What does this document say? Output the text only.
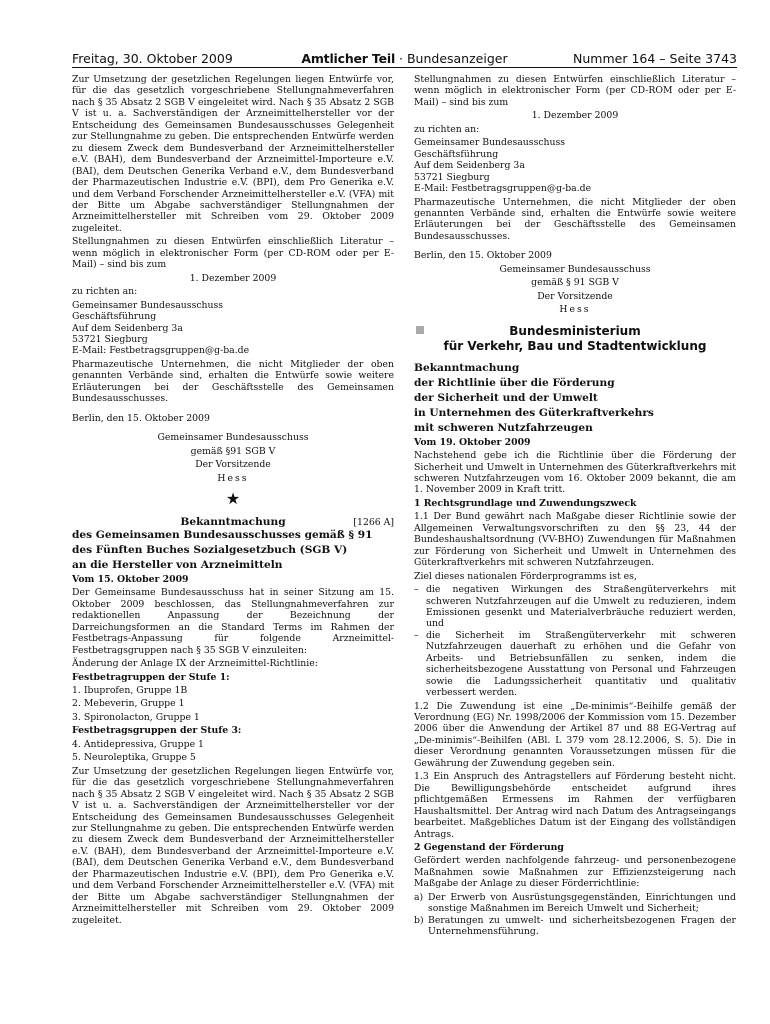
Freitag, 30. Oktober 2009	Amtlicher Teil · Bundesanzeiger	Nummer 164 – Seite 3743

Zur Umsetzung der gesetzlichen Regelungen liegen Entwürfe vor, für die das gesetzlich vorgeschriebene Stellungnahmeverfahren nach § 35 Absatz 2 SGB V eingeleitet wird. Nach § 35 Absatz 2 SGB V ist u. a. Sachverständigen der Arzneimittelhersteller vor der Entscheidung des Gemeinsamen Bundesausschusses Gelegenheit zur Stellungnahme zu geben. Die entsprechenden Entwürfe werden zu diesem Zweck dem Bundesverband der Arzneimittelhersteller e.V. (BAH), dem Bundesverband der Arzneimittel-Importeure e.V. (BAI), dem Deutschen Generika Verband e.V., dem Bundesverband der Pharmazeutischen Industrie e.V. (BPI), dem Pro Generika e.V. und dem Verband Forschender Arzneimittelhersteller e.V. (VFA) mit der Bitte um Abgabe sachverständiger Stellungnahmen der Arzneimittelhersteller mit Schreiben vom 29. Oktober 2009 zugeleitet.

Stellungnahmen zu diesen Entwürfen einschließlich Literatur – wenn möglich in elektronischer Form (per CD-ROM oder per E-Mail) – sind bis zum

1. Dezember 2009

zu richten an:

Gemeinsamer Bundesausschuss
Geschäftsführung
Auf dem Seidenberg 3a
53721 Siegburg

E-Mail: Festbetragsgruppen@g-ba.de

Pharmazeutische Unternehmen, die nicht Mitglieder der oben genannten Verbände sind, erhalten die Entwürfe sowie weitere Erläuterungen bei der Geschäftsstelle des Gemeinsamen Bundesausschusses.

Berlin, den 15. Oktober 2009

Gemeinsamer Bundesausschuss

gemäß §91 SGB V

Der Vorsitzende

Hess

★
Bekanntmachung	[1266 A]

des Gemeinsamen Bundesausschusses gemäß § 91

des Fünften Buches Sozialgesetzbuch (SGB V)

an die Hersteller von Arzneimitteln

Vom 15. Oktober 2009

Der Gemeinsame Bundesausschuss hat in seiner Sitzung am 15. Oktober 2009 beschlossen, das Stellungnahmeverfahren zur redaktionellen Anpassung der Bezeichnung der Darreichungsformen an die Standard Terms im Rahmen der Festbetrags-Anpassung für folgende Arzneimittel-Festbetragsgruppen nach § 35 SGB V einzuleiten:

Änderung der Anlage IX der Arzneimittel-Richtlinie:

Festbetragruppen der Stufe 1:

1. Ibuprofen, Gruppe 1B

2. Mebeverin, Gruppe 1

3. Spironolacton, Gruppe 1

Festbetragsgruppen der Stufe 3:

4. Antidepressiva, Gruppe 1

5. Neuroleptika, Gruppe 5

Zur Umsetzung der gesetzlichen Regelungen liegen Entwürfe vor, für die das gesetzlich vorgeschriebene Stellungnahmeverfahren nach § 35 Absatz 2 SGB V eingeleitet wird. Nach § 35 Absatz 2 SGB V ist u. a. Sachverständigen der Arzneimittelhersteller vor der Entscheidung des Gemeinsamen Bundesausschusses Gelegenheit zur Stellungnahme zu geben. Die entsprechenden Entwürfe werden zu diesem Zweck dem Bundesverband der Arzneimittelhersteller e.V. (BAH), dem Bundesverband der Arzneimittel-Importeure e.V. (BAI), dem Deutschen Generika Verband e.V., dem Bundesverband der Pharmazeutischen Industrie e.V. (BPI), dem Pro Generika e.V. und dem Verband Forschender Arzneimittelhersteller e.V. (VFA) mit der Bitte um Abgabe sachverständiger Stellungnahmen der Arzneimittelhersteller mit Schreiben vom 29. Oktober 2009 zugeleitet.

Stellungnahmen zu diesen Entwürfen einschließlich Literatur – wenn möglich in elektronischer Form (per CD-ROM oder per E-Mail) – sind bis zum

1. Dezember 2009

zu richten an:

Gemeinsamer Bundesausschuss
Geschäftsführung
Auf dem Seidenberg 3a
53721 Siegburg

E-Mail: Festbetragsgruppen@g-ba.de

Pharmazeutische Unternehmen, die nicht Mitglieder der oben genannten Verbände sind, erhalten die Entwürfe sowie weitere Erläuterungen bei der Geschäftsstelle des Gemeinsamen Bundesausschusses.

Berlin, den 15. Oktober 2009

Gemeinsamer Bundesausschuss

gemäß § 91 SGB V

Der Vorsitzende

Hess

Bundesministerium
für Verkehr, Bau und Stadtentwicklung

Bekanntmachung

der Richtlinie über die Förderung

der Sicherheit und der Umwelt

in Unternehmen des Güterkraftverkehrs

mit schweren Nutzfahrzeugen

Vom 19. Oktober 2009

Nachstehend gebe ich die Richtlinie über die Förderung der Sicherheit und Umwelt in Unternehmen des Güterkraftverkehrs mit schweren Nutzfahrzeugen vom 16. Oktober 2009 bekannt, die am 1. November 2009 in Kraft tritt.

1 Rechtsgrundlage und Zuwendungszweck

1.1 Der Bund gewährt nach Maßgabe dieser Richtlinie sowie der Allgemeinen Verwaltungsvorschriften zu den §§ 23, 44 der Bundeshaushaltsordnung (VV-BHO) Zuwendungen für Maßnahmen zur Förderung von Sicherheit und Umwelt in Unternehmen des Güterkraftverkehrs mit schweren Nutzfahrzeugen.

Ziel dieses nationalen Förderprogramms ist es,

– die negativen Wirkungen des Straßengüterverkehrs mit schweren Nutzfahrzeugen auf die Umwelt zu reduzieren, indem Emissionen gesenkt und Materialverbräuche reduziert werden, und
– die Sicherheit im Straßengüterverkehr mit schweren Nutzfahrzeugen dauerhaft zu erhöhen und die Gefahr von Arbeits- und Betriebsunfällen zu senken, indem die sicherheitsbezogene Ausstattung von Personal und Fahrzeugen sowie die Ladungssicherheit quantitativ und qualitativ verbessert werden.

1.2 Die Zuwendung ist eine „De-minimis“-Beihilfe gemäß der Verordnung (EG) Nr. 1998/2006 der Kommission vom 15. Dezember 2006 über die Anwendung der Artikel 87 und 88 EG-Vertrag auf „De-minimis“-Beihilfen (ABl. L 379 vom 28.12.2006, S. 5). Die in dieser Verordnung genannten Voraussetzungen müssen für die Gewährung der Zuwendung gegeben sein.

1.3 Ein Anspruch des Antragstellers auf Förderung besteht nicht. Die Bewilligungsbehörde entscheidet aufgrund ihres pflichtgemäßen Ermessens im Rahmen der verfügbaren Haushaltsmittel. Der Antrag wird nach Datum des Antragseingangs bearbeitet. Maßgebliches Datum ist der Eingang des vollständigen Antrags.

2 Gegenstand der Förderung

Gefördert werden nachfolgende fahrzeug- und personenbezogene Maßnahmen sowie Maßnahmen zur Effizienzsteigerung nach Maßgabe der Anlage zu dieser Förderrichtlinie:

a) Der Erwerb von Ausrüstungsgegenständen, Einrichtungen und sonstige Maßnahmen im Bereich Umwelt und Sicherheit;
b) Beratungen zu umwelt- und sicherheitsbezogenen Fragen der Unternehmensführung.
